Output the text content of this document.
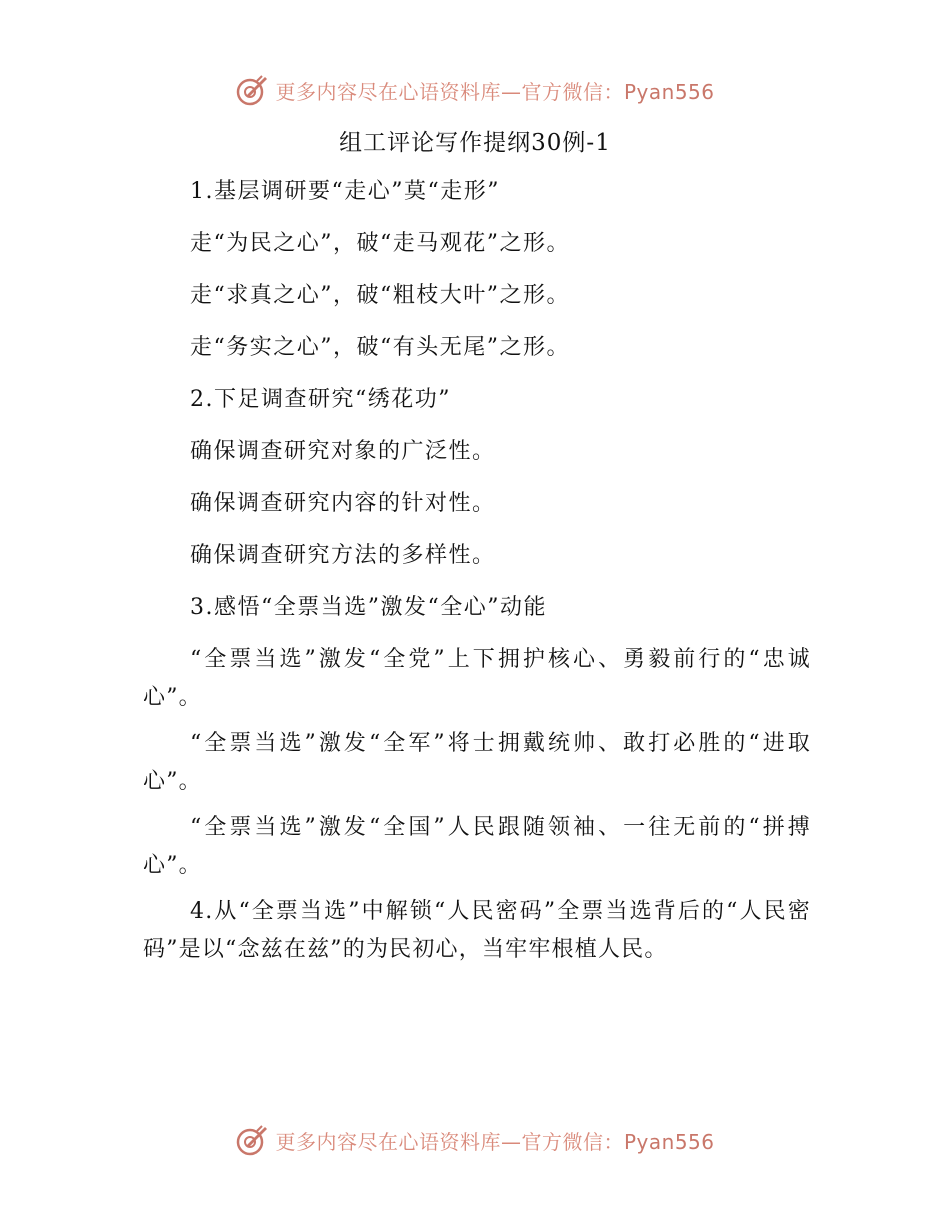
更多内容尽在心语资料库—官方微信：Pyan556
组工评论写作提纲30例-1
1.基层调研要“走心”莫“走形”
走“为民之心”，破“走马观花”之形。
走“求真之心”，破“粗枝大叶”之形。
走“务实之心”，破“有头无尾”之形。
2.下足调查研究“绣花功”
确保调查研究对象的广泛性。
确保调查研究内容的针对性。
确保调查研究方法的多样性。
3.感悟“全票当选”激发“全心”动能

“全票当选”激发“全党”上下拥护核心、勇毅前行的“忠诚心”。

“全票当选”激发“全军”将士拥戴统帅、敢打必胜的“进取心”。

“全票当选”激发“全国”人民跟随领袖、一往无前的“拼搏心”。

4.从“全票当选”中解锁“人民密码”全票当选背后的“人民密码”是以“念兹在兹”的为民初心，当牢牢根植人民。

更多内容尽在心语资料库—官方微信：Pyan556
